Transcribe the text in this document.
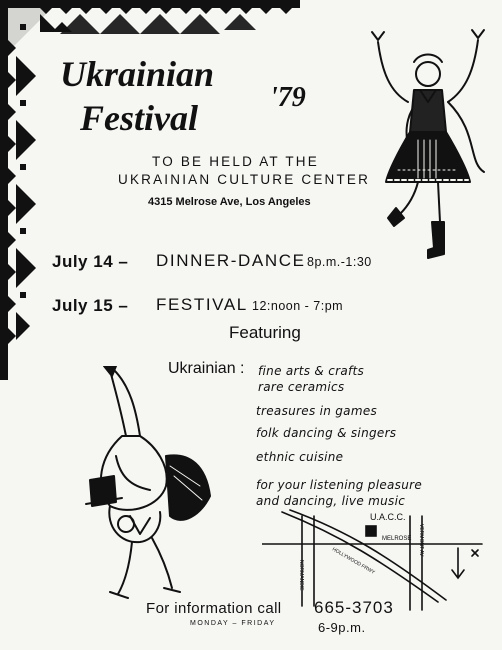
Ukrainian
Festival
'79
TO BE HELD AT THE
UKRAINIAN CULTURE CENTER
4315 Melrose Ave, Los Angeles
July 14 – DINNER-DANCE 8p.m.-1:30
July 15 – FESTIVAL 12:noon - 7:pm
Featuring
Ukrainian : fine arts & crafts
rare ceramics
treasures in games
folk dancing & singers
ethnic cuisine
for your listening pleasure
and dancing, live music
U.A.C.C.
MELROSE
NORMANDIE
VERMONT AV
HOLLYWOOD FRWY
For information call
MONDAY – FRIDAY
665-3703
6-9p.m.
